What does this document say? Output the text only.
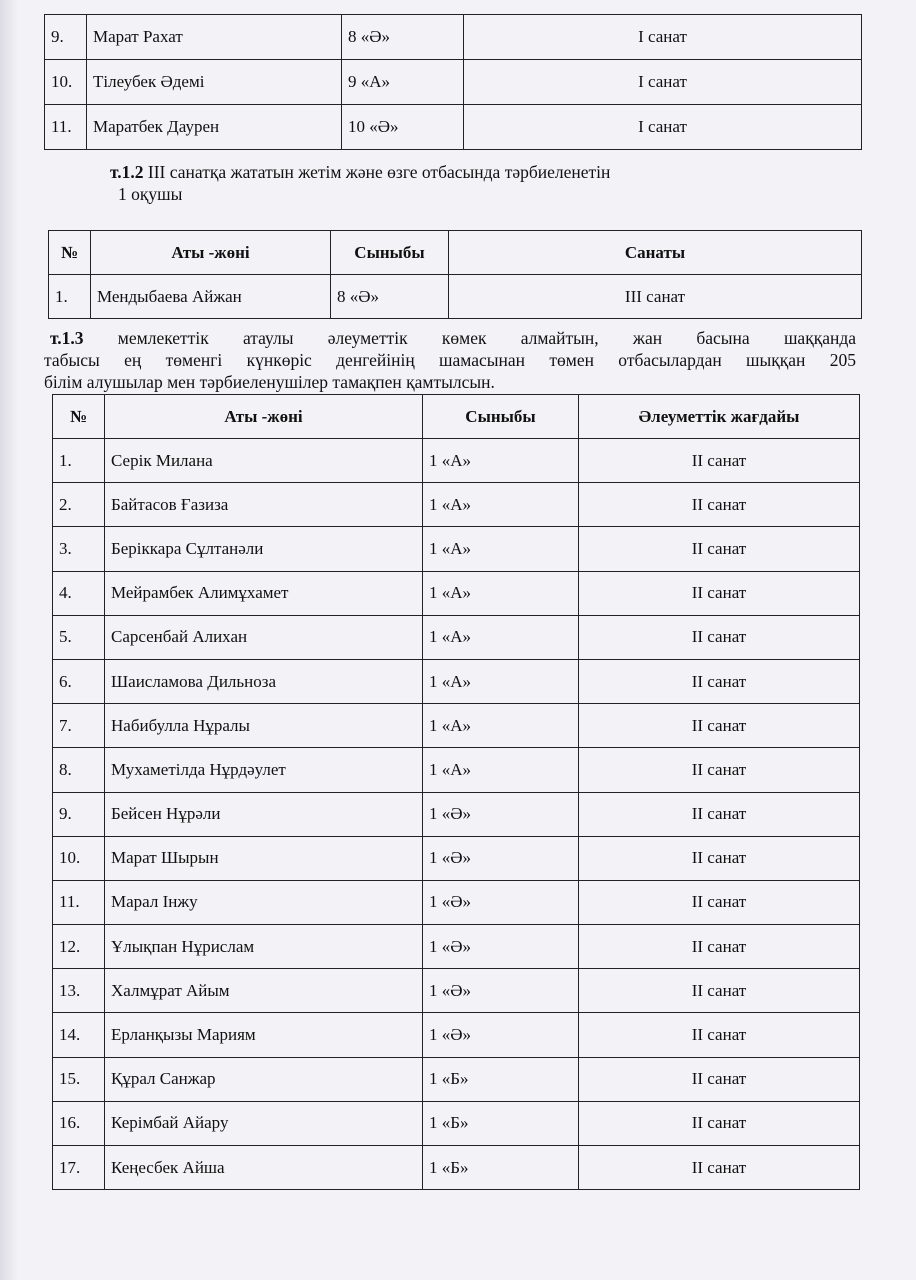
9.	Марат Рахат	8 «Ә»	I санат
10.	Тілеубек Әдемі	9 «А»	I санат
11.	Маратбек Даурен	10 «Ә»	I санат
т.1.2 ІІІ санатқа жататын жетім және өзге отбасында тәрбиеленетін
1 оқушы
№	Аты -жөні	Сыныбы	Санаты
1.	Мендыбаева Айжан	8 «Ә»	ІІІ санат
т.1.3 мемлекеттік атаулы әлеуметтік көмек алмайтын, жан басына шаққанда
табысы ең төменгі күнкөріс денгейінің шамасынан төмен отбасылардан шыққан 205
білім алушылар мен тәрбиеленушілер тамақпен қамтылсын.
№	Аты -жөні	Сыныбы	Әлеуметтік жағдайы
1.	Серік Милана	1 «А»	ІІ санат
2.	Байтасов Ғазиза	1 «А»	ІІ санат
3.	Беріккара Сұлтанәли	1 «А»	ІІ санат
4.	Мейрамбек Алимұхамет	1 «А»	ІІ санат
5.	Сарсенбай Алихан	1 «А»	ІІ санат
6.	Шаисламова Дильноза	1 «А»	ІІ санат
7.	Набибулла Нұралы	1 «А»	ІІ санат
8.	Мухаметілда Нұрдәулет	1 «А»	ІІ санат
9.	Бейсен Нұрәли	1 «Ә»	ІІ санат
10.	Марат Шырын	1 «Ә»	ІІ санат
11.	Марал Інжу	1 «Ә»	ІІ санат
12.	Ұлықпан Нұрислам	1 «Ә»	ІІ санат
13.	Халмұрат Айым	1 «Ә»	ІІ санат
14.	Ерланқызы Мариям	1 «Ә»	ІІ санат
15.	Құрал Санжар	1 «Б»	ІІ санат
16.	Керімбай Айару	1 «Б»	ІІ санат
17.	Кеңесбек Айша	1 «Б»	ІІ санат
